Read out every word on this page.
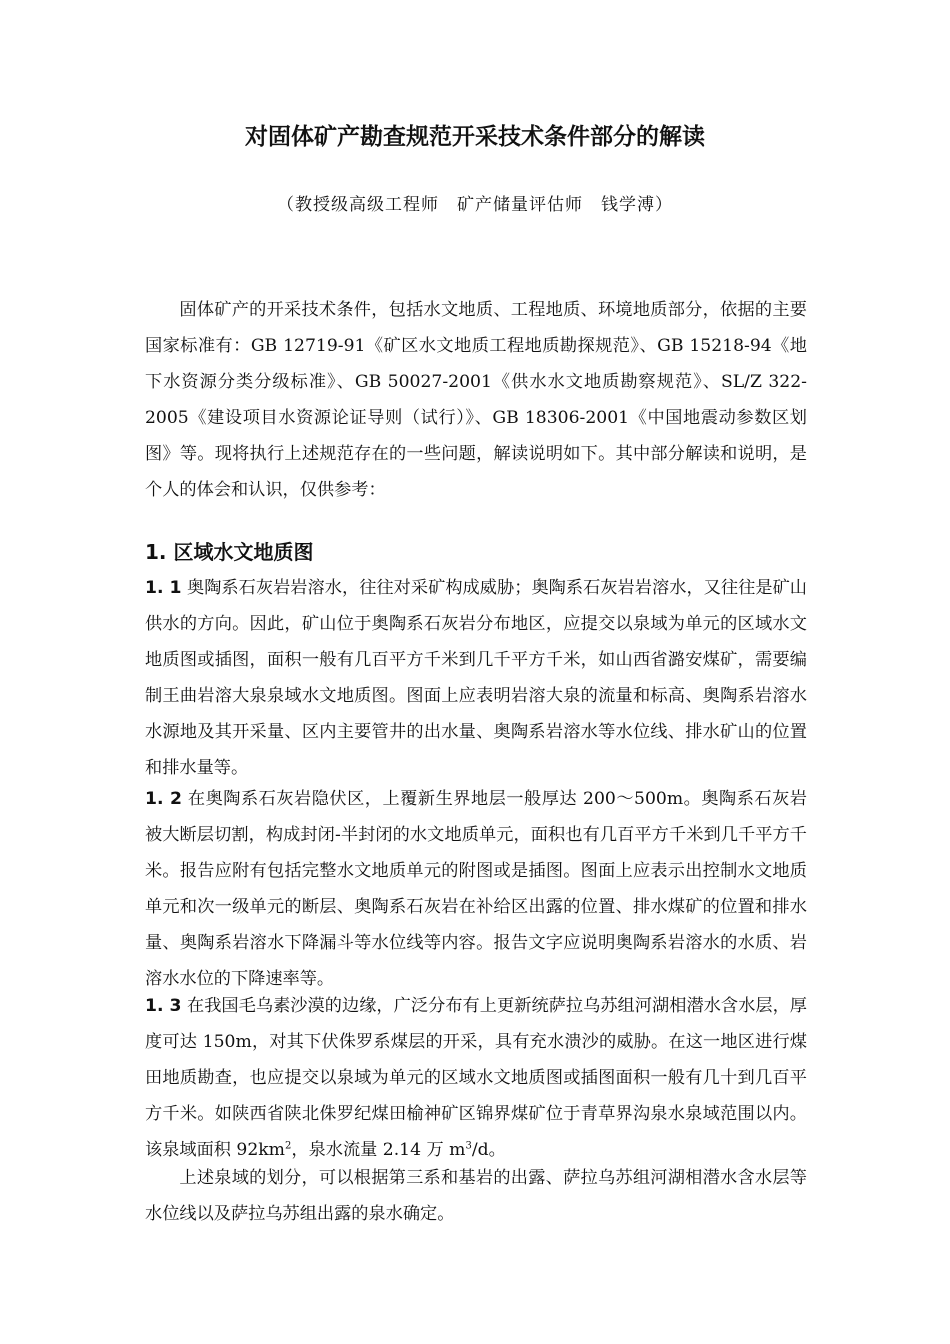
对固体矿产勘查规范开采技术条件部分的解读
（教授级高级工程师　矿产储量评估师　钱学溥）
固体矿产的开采技术条件，包括水文地质、工程地质、环境地质部分，依据的主要国家标准有：GB 12719-91《矿区水文地质工程地质勘探规范》、GB 15218-94《地下水资源分类分级标准》、GB 50027-2001《供水水文地质勘察规范》、SL/Z 322-2005《建设项目水资源论证导则（试行）》、GB 18306-2001《中国地震动参数区划图》等。现将执行上述规范存在的一些问题，解读说明如下。其中部分解读和说明，是个人的体会和认识，仅供参考：
1. 区域水文地质图
1. 1 奥陶系石灰岩岩溶水，往往对采矿构成威胁；奥陶系石灰岩岩溶水，又往往是矿山供水的方向。因此，矿山位于奥陶系石灰岩分布地区，应提交以泉域为单元的区域水文地质图或插图，面积一般有几百平方千米到几千平方千米，如山西省潞安煤矿，需要编制王曲岩溶大泉泉域水文地质图。图面上应表明岩溶大泉的流量和标高、奥陶系岩溶水水源地及其开采量、区内主要管井的出水量、奥陶系岩溶水等水位线、排水矿山的位置和排水量等。
1. 2 在奥陶系石灰岩隐伏区，上覆新生界地层一般厚达 200～500m。奥陶系石灰岩被大断层切割，构成封闭-半封闭的水文地质单元，面积也有几百平方千米到几千平方千米。报告应附有包括完整水文地质单元的附图或是插图。图面上应表示出控制水文地质单元和次一级单元的断层、奥陶系石灰岩在补给区出露的位置、排水煤矿的位置和排水量、奥陶系岩溶水下降漏斗等水位线等内容。报告文字应说明奥陶系岩溶水的水质、岩溶水水位的下降速率等。
1. 3 在我国毛乌素沙漠的边缘，广泛分布有上更新统萨拉乌苏组河湖相潜水含水层，厚度可达 150m，对其下伏侏罗系煤层的开采，具有充水溃沙的威胁。在这一地区进行煤田地质勘查，也应提交以泉域为单元的区域水文地质图或插图面积一般有几十到几百平方千米。如陕西省陕北侏罗纪煤田榆神矿区锦界煤矿位于青草界沟泉水泉域范围以内。该泉域面积 $92km^2$，泉水流量 2.14 万 $m^3/d$。
上述泉域的划分，可以根据第三系和基岩的出露、萨拉乌苏组河湖相潜水含水层等水位线以及萨拉乌苏组出露的泉水确定。
